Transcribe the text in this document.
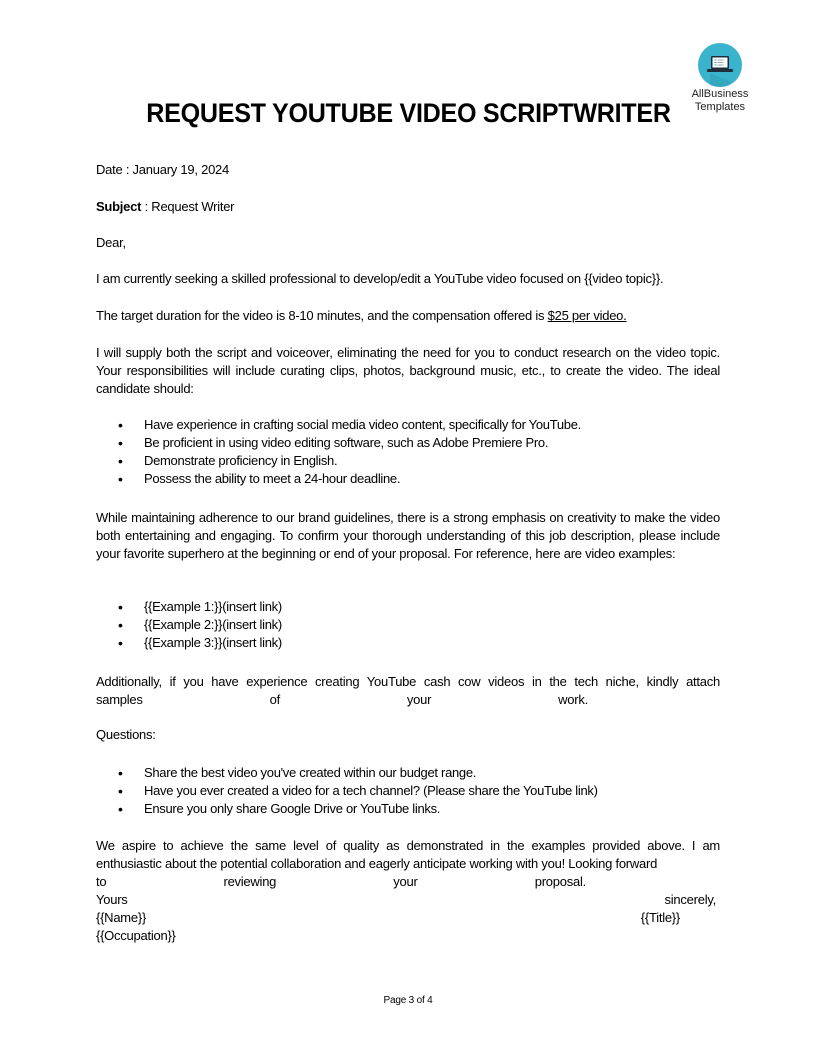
AllBusiness
Templates
REQUEST YOUTUBE VIDEO SCRIPTWRITER
Date : January 19, 2024
Subject : Request Writer
Dear,
I am currently seeking a skilled professional to develop/edit a YouTube video focused on {{video topic}}.
The target duration for the video is 8-10 minutes, and the compensation offered is $25 per video.
I will supply both the script and voiceover, eliminating the need for you to conduct research on the video topic. Your responsibilities will include curating clips, photos, background music, etc., to create the video. The ideal candidate should:
• Have experience in crafting social media video content, specifically for YouTube.
• Be proficient in using video editing software, such as Adobe Premiere Pro.
• Demonstrate proficiency in English.
• Possess the ability to meet a 24-hour deadline.
While maintaining adherence to our brand guidelines, there is a strong emphasis on creativity to make the video both entertaining and engaging. To confirm your thorough understanding of this job description, please include your favorite superhero at the beginning or end of your proposal. For reference, here are video examples:
• {{Example 1:}}(insert link)
• {{Example 2:}}(insert link)
• {{Example 3:}}(insert link)
Additionally, if you have experience creating YouTube cash cow videos in the tech niche, kindly attach
samples	of	your	work.
Questions:
• Share the best video you've created within our budget range.
• Have you ever created a video for a tech channel? (Please share the YouTube link)
• Ensure you only share Google Drive or YouTube links.
We aspire to achieve the same level of quality as demonstrated in the examples provided above. I am enthusiastic about the potential collaboration and eagerly anticipate working with you! Looking forward
to	reviewing	your	proposal.
Yours	sincerely,
{{Name}}	{{Title}}
{{Occupation}}
Page 3 of 4
